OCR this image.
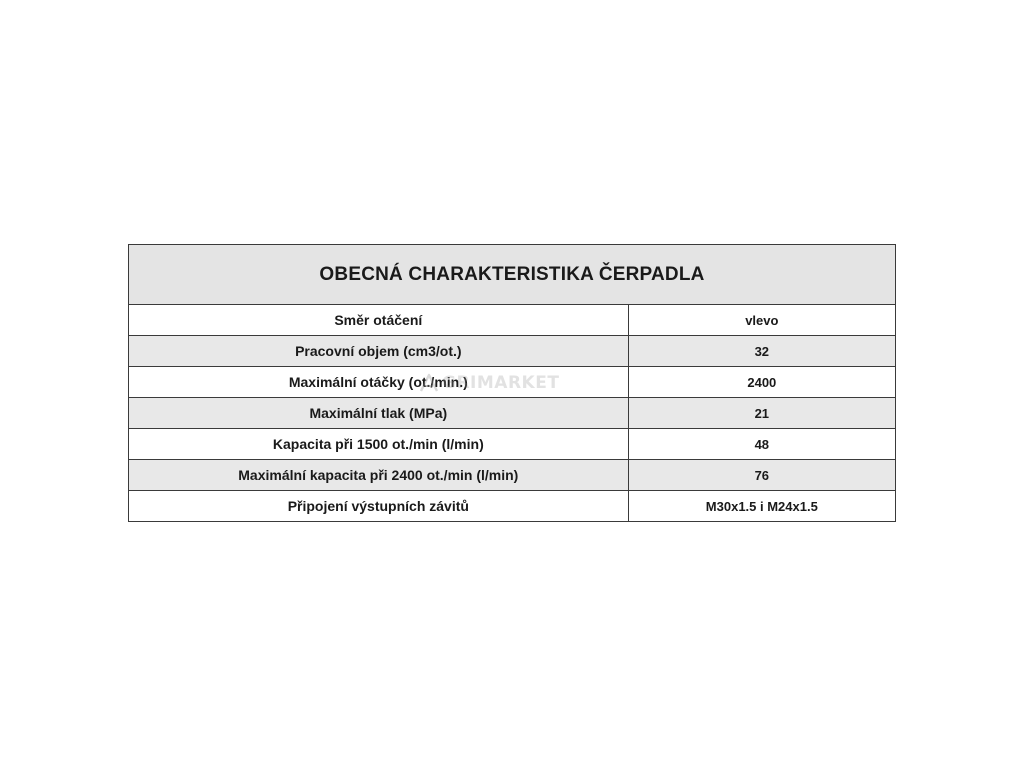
OBECNÁ CHARAKTERISTIKA ČERPADLA	
Směr otáčení	vlevo
Pracovní objem (cm3/ot.)	32
Maximální otáčky (ot./min.)	2400
Maximální tlak (MPa)	21
Kapacita při 1500 ot./min (l/min)	48
Maximální kapacita při 2400 ot./min (l/min)	76
Připojení výstupních závitů	M30x1.5 i M24x1.5
GRIMARKET
